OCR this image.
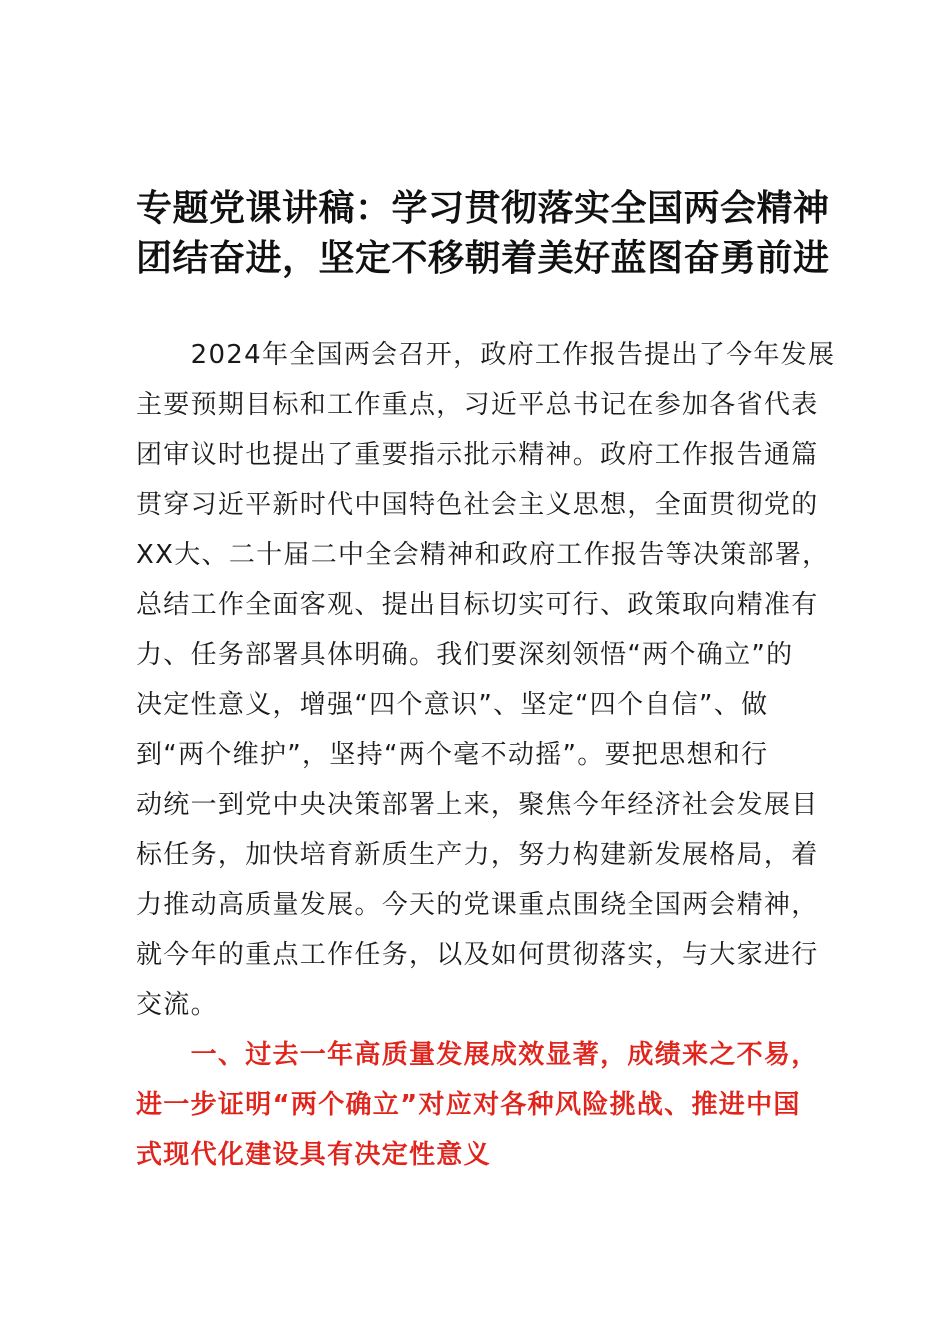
专题党课讲稿：学习贯彻落实全国两会精神
团结奋进，坚定不移朝着美好蓝图奋勇前进
　　2024年全国两会召开，政府工作报告提出了今年发展
主要预期目标和工作重点，习近平总书记在参加各省代表
团审议时也提出了重要指示批示精神。政府工作报告通篇
贯穿习近平新时代中国特色社会主义思想，全面贯彻党的
XX大、二十届二中全会精神和政府工作报告等决策部署，
总结工作全面客观、提出目标切实可行、政策取向精准有
力、任务部署具体明确。我们要深刻领悟“两个确立”的
决定性意义，增强“四个意识”、坚定“四个自信”、做
到“两个维护”，坚持“两个毫不动摇”。要把思想和行
动统一到党中央决策部署上来，聚焦今年经济社会发展目
标任务，加快培育新质生产力，努力构建新发展格局，着
力推动高质量发展。今天的党课重点围绕全国两会精神，
就今年的重点工作任务，以及如何贯彻落实，与大家进行
交流。
　　一、过去一年高质量发展成效显著，成绩来之不易，
进一步证明“两个确立”对应对各种风险挑战、推进中国
式现代化建设具有决定性意义
